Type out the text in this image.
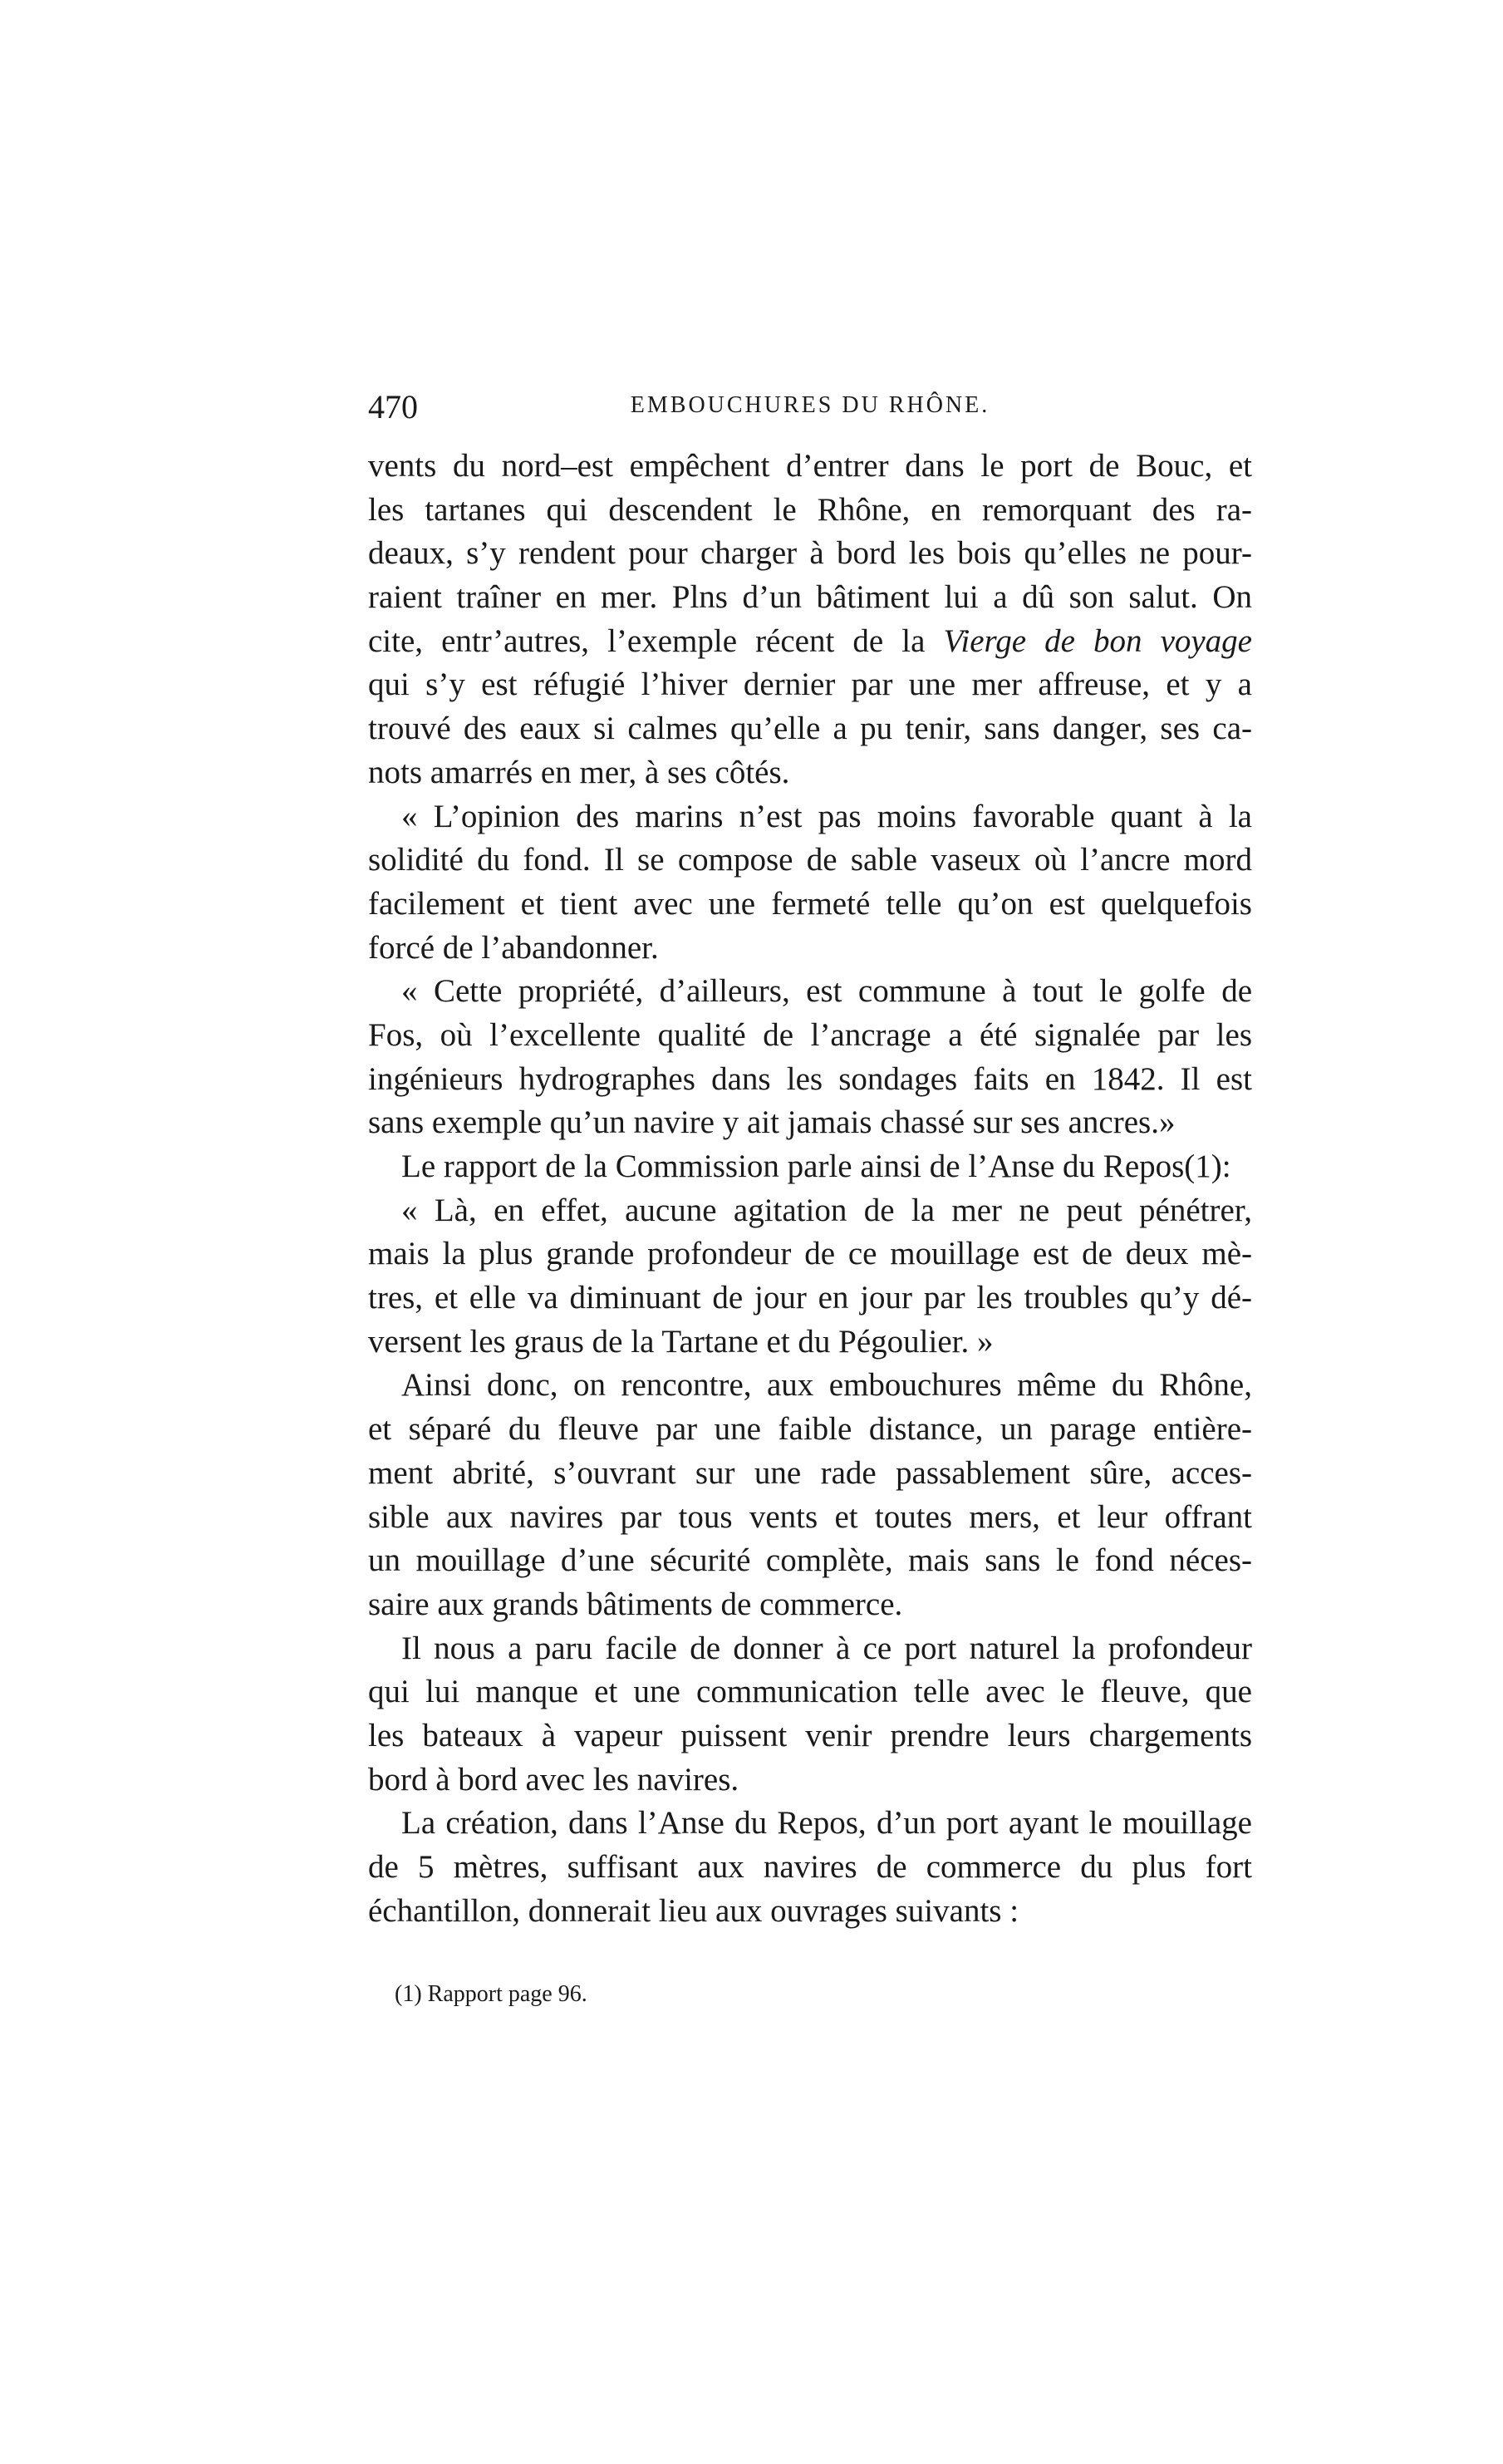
470	EMBOUCHURES DU RHÔNE.
vents du nord–est empêchent d’entrer dans le port de Bouc, et
les tartanes qui descendent le Rhône, en remorquant des ra-
deaux, s’y rendent pour charger à bord les bois qu’elles ne pour-
raient traîner en mer. Plns d’un bâtiment lui a dû son salut. On
cite, entr’autres, l’exemple récent de la Vierge de bon voyage
qui s’y est réfugié l’hiver dernier par une mer affreuse, et y a
trouvé des eaux si calmes qu’elle a pu tenir, sans danger, ses ca-
nots amarrés en mer, à ses côtés.
« L’opinion des marins n’est pas moins favorable quant à la
solidité du fond. Il se compose de sable vaseux où l’ancre mord
facilement et tient avec une fermeté telle qu’on est quelquefois
forcé de l’abandonner.
« Cette propriété, d’ailleurs, est commune à tout le golfe de
Fos, où l’excellente qualité de l’ancrage a été signalée par les
ingénieurs hydrographes dans les sondages faits en 1842. Il est
sans exemple qu’un navire y ait jamais chassé sur ses ancres.»
Le rapport de la Commission parle ainsi de l’Anse du Repos(1):
« Là, en effet, aucune agitation de la mer ne peut pénétrer,
mais la plus grande profondeur de ce mouillage est de deux mè-
tres, et elle va diminuant de jour en jour par les troubles qu’y dé-
versent les graus de la Tartane et du Pégoulier. »
Ainsi donc, on rencontre, aux embouchures même du Rhône,
et séparé du fleuve par une faible distance, un parage entière-
ment abrité, s’ouvrant sur une rade passablement sûre, acces-
sible aux navires par tous vents et toutes mers, et leur offrant
un mouillage d’une sécurité complète, mais sans le fond néces-
saire aux grands bâtiments de commerce.
Il nous a paru facile de donner à ce port naturel la profondeur
qui lui manque et une communication telle avec le fleuve, que
les bateaux à vapeur puissent venir prendre leurs chargements
bord à bord avec les navires.
La création, dans l’Anse du Repos, d’un port ayant le mouillage
de 5 mètres, suffisant aux navires de commerce du plus fort
échantillon, donnerait lieu aux ouvrages suivants :
(1) Rapport page 96.
